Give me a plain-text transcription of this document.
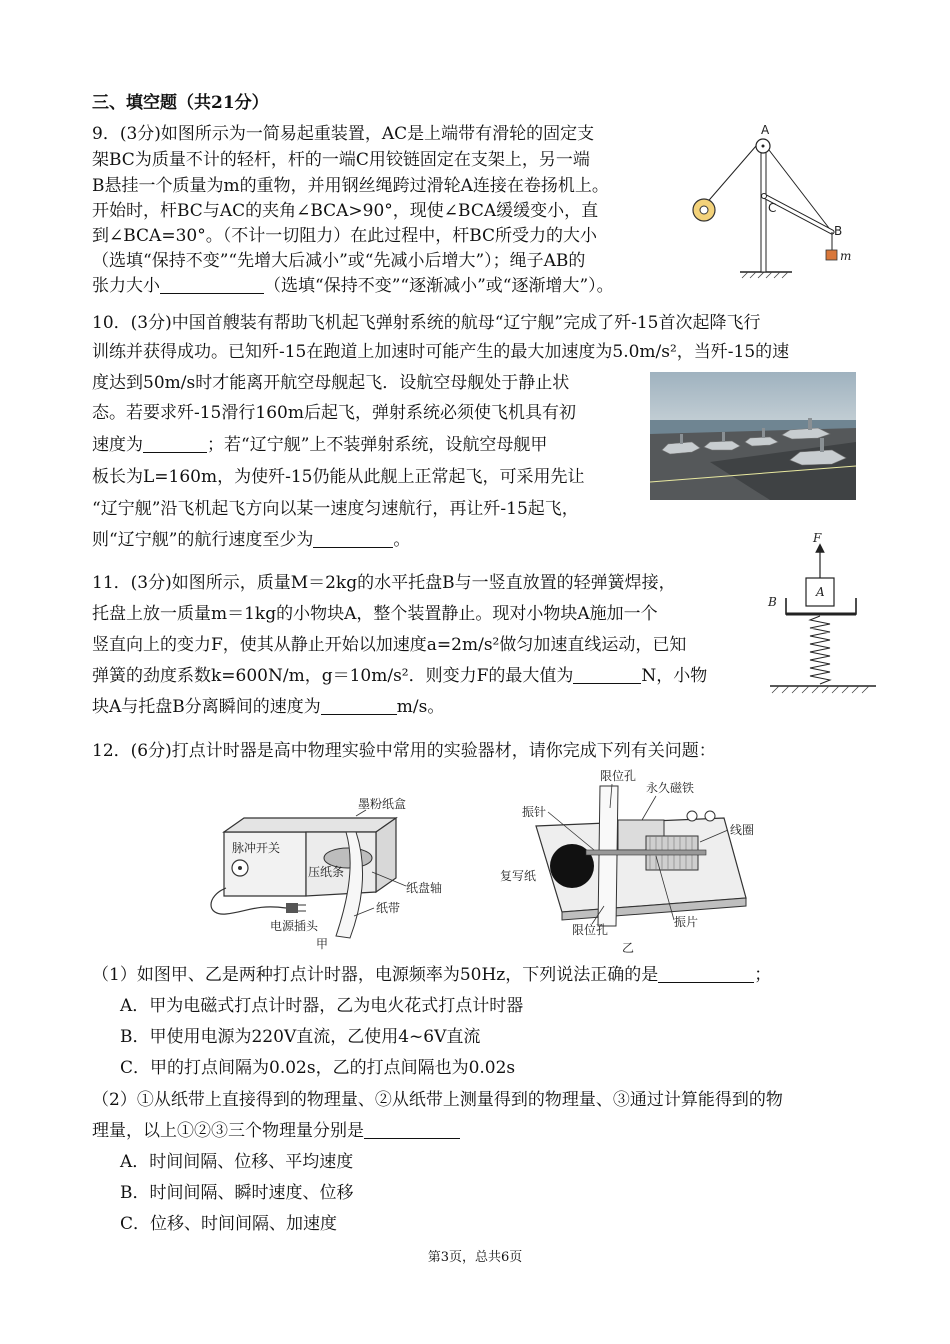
三、填空题（共21分）
9．(3分)如图所示为一简易起重装置，AC是上端带有滑轮的固定支
架BC为质量不计的轻杆，杆的一端C用铰链固定在支架上，另一端
B悬挂一个质量为m的重物，并用钢丝绳跨过滑轮A连接在卷扬机上。
开始时，杆BC与AC的夹角∠BCA>90°，现使∠BCA缓缓变小，直
到∠BCA=30°。（不计一切阻力）在此过程中，杆BC所受力的大小
（选填“保持不变”“先增大后减小”或“先减小后增大”）；绳子AB的
张力大小	（选填“保持不变”“逐渐减小”或“逐渐增大”）。
A
C
B
m
10．(3分)中国首艘装有帮助飞机起飞弹射系统的航母“辽宁舰”完成了歼-15首次起降飞行
训练并获得成功。已知歼-15在跑道上加速时可能产生的最大加速度为5.0m/s²，当歼-15的速
度达到50m/s时才能离开航空母舰起飞．设航空母舰处于静止状
态。若要求歼-15滑行160m后起飞，弹射系统必须使飞机具有初
速度为	；若“辽宁舰”上不装弹射系统，设航空母舰甲
板长为L=160m，为使歼-15仍能从此舰上正常起飞，可采用先让
“辽宁舰”沿飞机起飞方向以某一速度匀速航行，再让歼-15起飞，
则“辽宁舰”的航行速度至少为	。
11．(3分)如图所示，质量M＝2kg的水平托盘B与一竖直放置的轻弹簧焊接，
托盘上放一质量m＝1kg的小物块A，整个装置静止。现对小物块A施加一个
竖直向上的变力F，使其从静止开始以加速度a=2m/s²做匀加速直线运动，已知
弹簧的劲度系数k=600N/m，g＝10m/s²．则变力F的最大值为	N，小物
块A与托盘B分离瞬间的速度为	m/s。
F
A
B
12．(6分)打点计时器是高中物理实验中常用的实验器材，请你完成下列有关问题：
脉冲开关
压纸条
墨粉纸盒
纸盘轴
纸带
电源插头
甲
限位孔
永久磁铁
振针
线圈
复写纸
振片
限位孔
乙
（1）如图甲、乙是两种打点计时器，电源频率为50Hz，下列说法正确的是	；
A．甲为电磁式打点计时器，乙为电火花式打点计时器
B．甲使用电源为220V直流，乙使用4~6V直流
C．甲的打点间隔为0.02s，乙的打点间隔也为0.02s
（2）①从纸带上直接得到的物理量、②从纸带上测量得到的物理量、③通过计算能得到的物
理量，以上①②③三个物理量分别是
A．时间间隔、位移、平均速度
B．时间间隔、瞬时速度、位移
C．位移、时间间隔、加速度
第3页，总共6页
